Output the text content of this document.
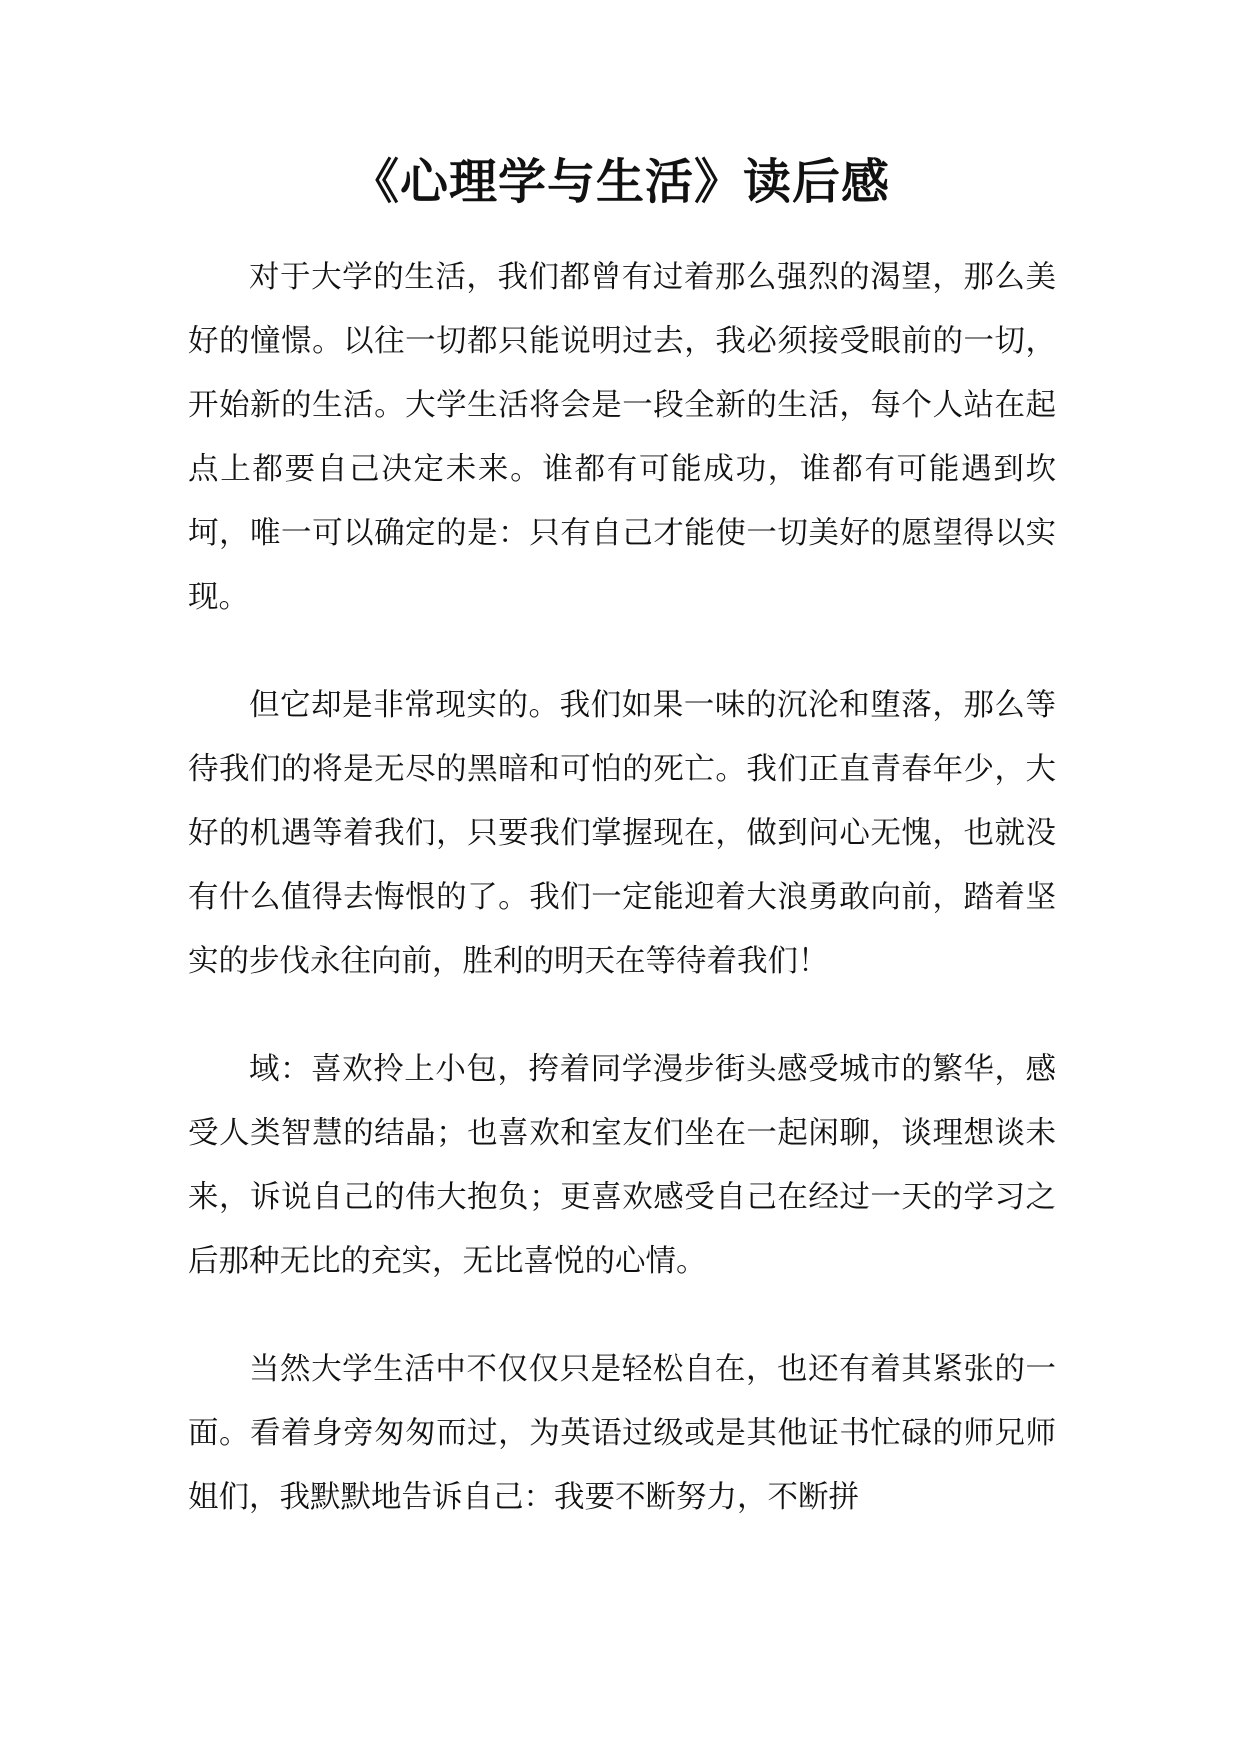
《心理学与生活》读后感

对于大学的生活，我们都曾有过着那么强烈的渴望，那么美好的憧憬。以往一切都只能说明过去，我必须接受眼前的一切，开始新的生活。大学生活将会是一段全新的生活，每个人站在起点上都要自己决定未来。谁都有可能成功，谁都有可能遇到坎坷，唯一可以确定的是：只有自己才能使一切美好的愿望得以实现。

但它却是非常现实的。我们如果一味的沉沦和堕落，那么等待我们的将是无尽的黑暗和可怕的死亡。我们正直青春年少，大好的机遇等着我们，只要我们掌握现在，做到问心无愧，也就没有什么值得去悔恨的了。我们一定能迎着大浪勇敢向前，踏着坚实的步伐永往向前，胜利的明天在等待着我们！

域：喜欢拎上小包，挎着同学漫步街头感受城市的繁华，感受人类智慧的结晶；也喜欢和室友们坐在一起闲聊，谈理想谈未来，诉说自己的伟大抱负；更喜欢感受自己在经过一天的学习之后那种无比的充实，无比喜悦的心情。

当然大学生活中不仅仅只是轻松自在，也还有着其紧张的一面。看着身旁匆匆而过，为英语过级或是其他证书忙碌的师兄师姐们，我默默地告诉自己：我要不断努力，不断拼
